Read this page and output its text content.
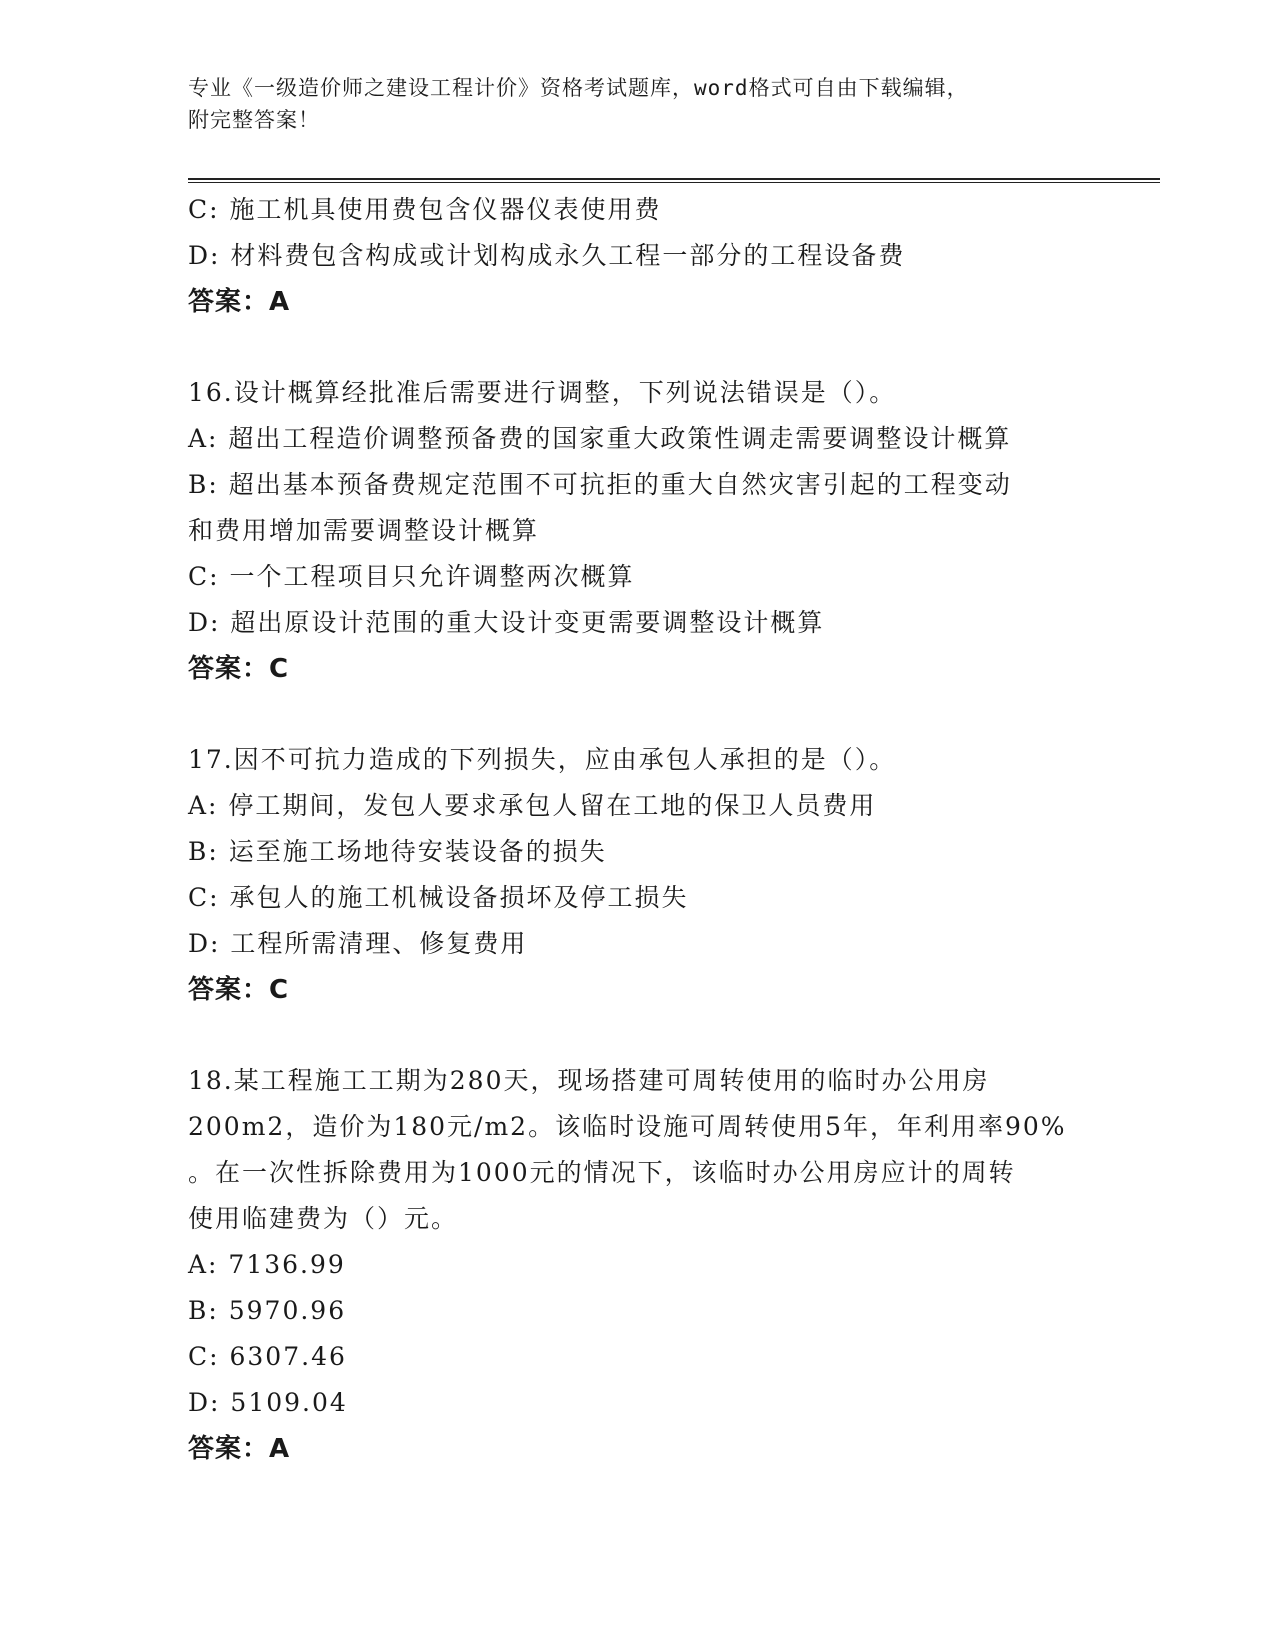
专业《一级造价师之建设工程计价》资格考试题库，word格式可自由下载编辑，
附完整答案！
C: 施工机具使用费包含仪器仪表使用费
D: 材料费包含构成或计划构成永久工程一部分的工程设备费
答案：A
16.设计概算经批准后需要进行调整，下列说法错误是（）。
A: 超出工程造价调整预备费的国家重大政策性调走需要调整设计概算
B: 超出基本预备费规定范围不可抗拒的重大自然灾害引起的工程变动
和费用增加需要调整设计概算
C: 一个工程项目只允许调整两次概算
D: 超出原设计范围的重大设计变更需要调整设计概算
答案：C
17.因不可抗力造成的下列损失，应由承包人承担的是（）。
A: 停工期间，发包人要求承包人留在工地的保卫人员费用
B: 运至施工场地待安装设备的损失
C: 承包人的施工机械设备损坏及停工损失
D: 工程所需清理、修复费用
答案：C
18.某工程施工工期为280天，现场搭建可周转使用的临时办公用房
200m2，造价为180元/m2。该临时设施可周转使用5年，年利用率90%
。在一次性拆除费用为1000元的情况下，该临时办公用房应计的周转
使用临建费为（）元。
A: 7136.99
B: 5970.96
C: 6307.46
D: 5109.04
答案：A
